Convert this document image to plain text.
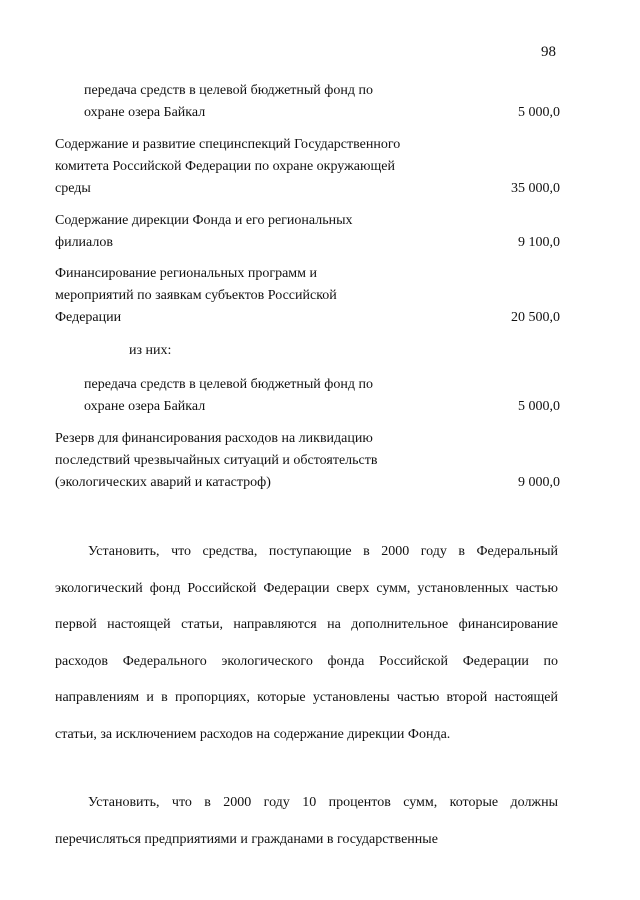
98
передача средств в целевой бюджетный фонд по охране озера Байкал	5 000,0
Содержание и развитие специнспекций Государственного комитета Российской Федерации по охране окружающей среды	35 000,0
Содержание дирекции Фонда и его региональных филиалов	9 100,0
Финансирование региональных программ и мероприятий по заявкам субъектов Российской Федерации	20 500,0
из них:
передача средств в целевой бюджетный фонд по охране озера Байкал	5 000,0
Резерв для финансирования расходов на ликвидацию последствий чрезвычайных ситуаций и обстоятельств (экологических аварий и катастроф)	9 000,0
Установить, что средства, поступающие в 2000 году в Федеральный экологический фонд Российской Федерации сверх сумм, установленных частью первой настоящей статьи, направляются на дополнительное финансирование расходов Федерального экологического фонда Российской Федерации по направлениям и в пропорциях, которые установлены частью второй настоящей статьи, за исключением расходов на содержание дирекции Фонда.
Установить, что в 2000 году 10 процентов сумм, которые должны перечисляться предприятиями и гражданами в государственные
